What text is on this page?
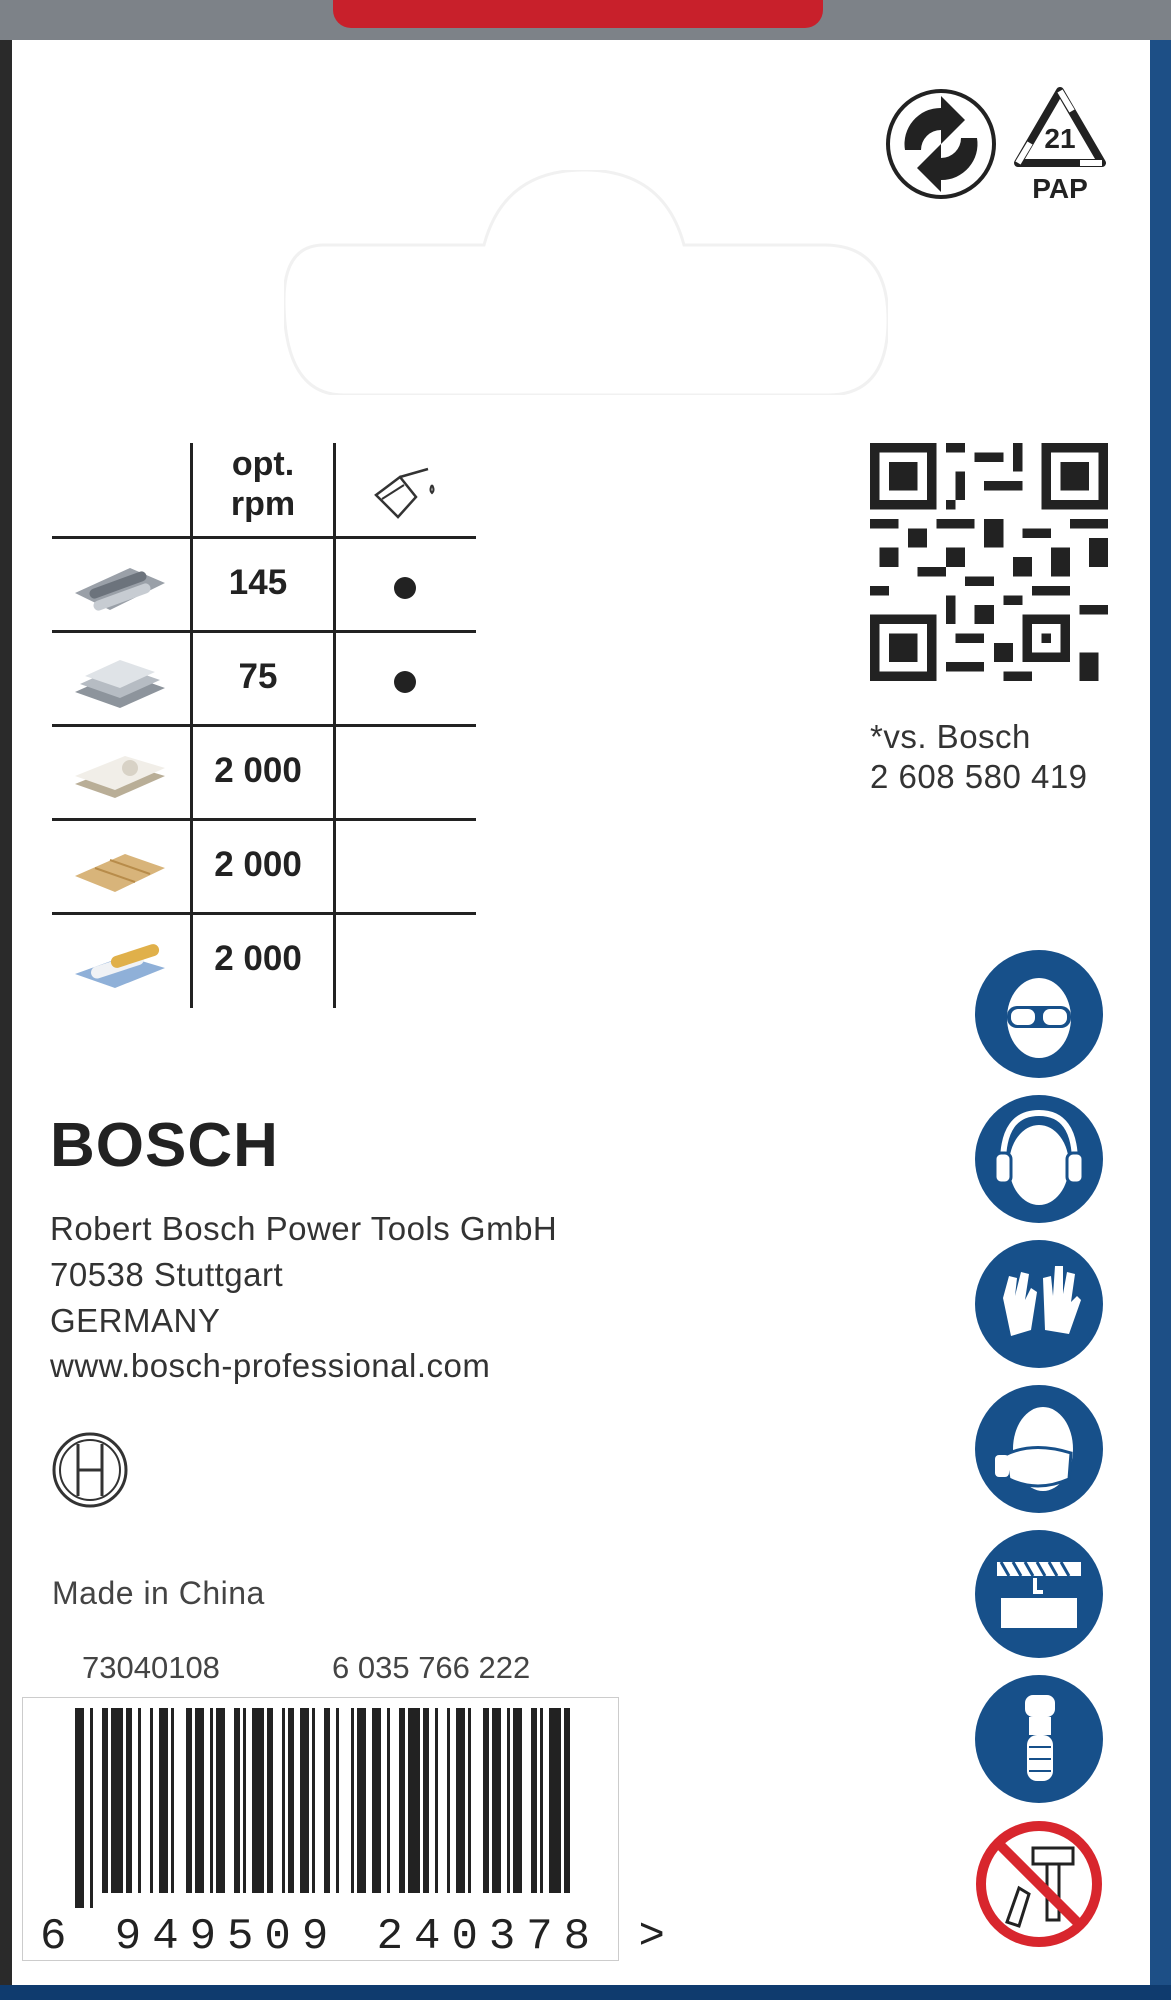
21
PAP
opt.
rpm
145
75
2 000
2 000
2 000
*vs. Bosch
2 608 580 419
BOSCH
Robert Bosch Power Tools GmbH
70538 Stuttgart
GERMANY
www.bosch-professional.com
Made in China
73040108	6 035 766 222
6 949509 240378 >
